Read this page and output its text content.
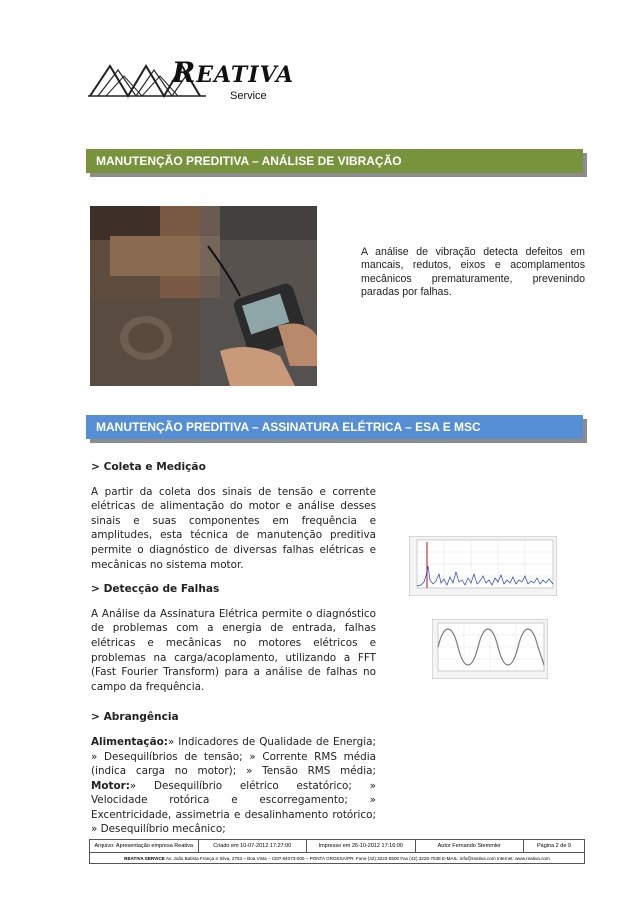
REATIVA
Service
MANUTENÇÃO PREDITIVA – ANÁLISE DE VIBRAÇÃO
A análise de vibração detecta defeitos em mancais, redutos, eixos e acomplamentos mecânicos prematuramente, prevenindo paradas por falhas.
MANUTENÇÃO PREDITIVA – ASSINATURA ELÉTRICA – ESA E MSC
> Coleta e Medição

A partir da coleta dos sinais de tensão e corrente elétricas de alimentação do motor e análise desses sinais e suas componentes em frequência e amplitudes, esta técnica de manutenção preditiva permite o diagnóstico de diversas falhas elétricas e mecânicas no sistema motor.

> Detecção de Falhas

A Análise da Assinatura Elétrica permite o diagnóstico de problemas com a energia de entrada, falhas elétricas e mecânicas no motores elétricos e problemas na carga/acoplamento, utilizando a FFT (Fast Fourier Transform) para a análise de falhas no campo da frequência.

> Abrangência

Alimentação:» Indicadores de Qualidade de Energia; » Desequilíbrios de tensão; » Corrente RMS média (indica carga no motor); » Tensão RMS média; Motor:» Desequilíbrio elétrico estatórico; » Velocidade rotórica e escorregamento; » Excentricidade, assimetria e desalinhamento rotórico; » Desequilíbrio mecânico;

Arquivo: Apresentação empresa Reativa	Criado em 10-07-2012 17:27:00	Impresso em 26-10-2012 17:16:00	Autor Fernando Stemmler	Página 2 de 9
REATIVA SERVICE Av. João Batista França e Silva, 2753 – Boa Vista – CEP 84073-000 – PONTA GROSSA/PR. Fone (42) 3223-5500 Fax (42) 3225-7538 E-MAIL: info@reativa.com Internet: www.reativa.com
